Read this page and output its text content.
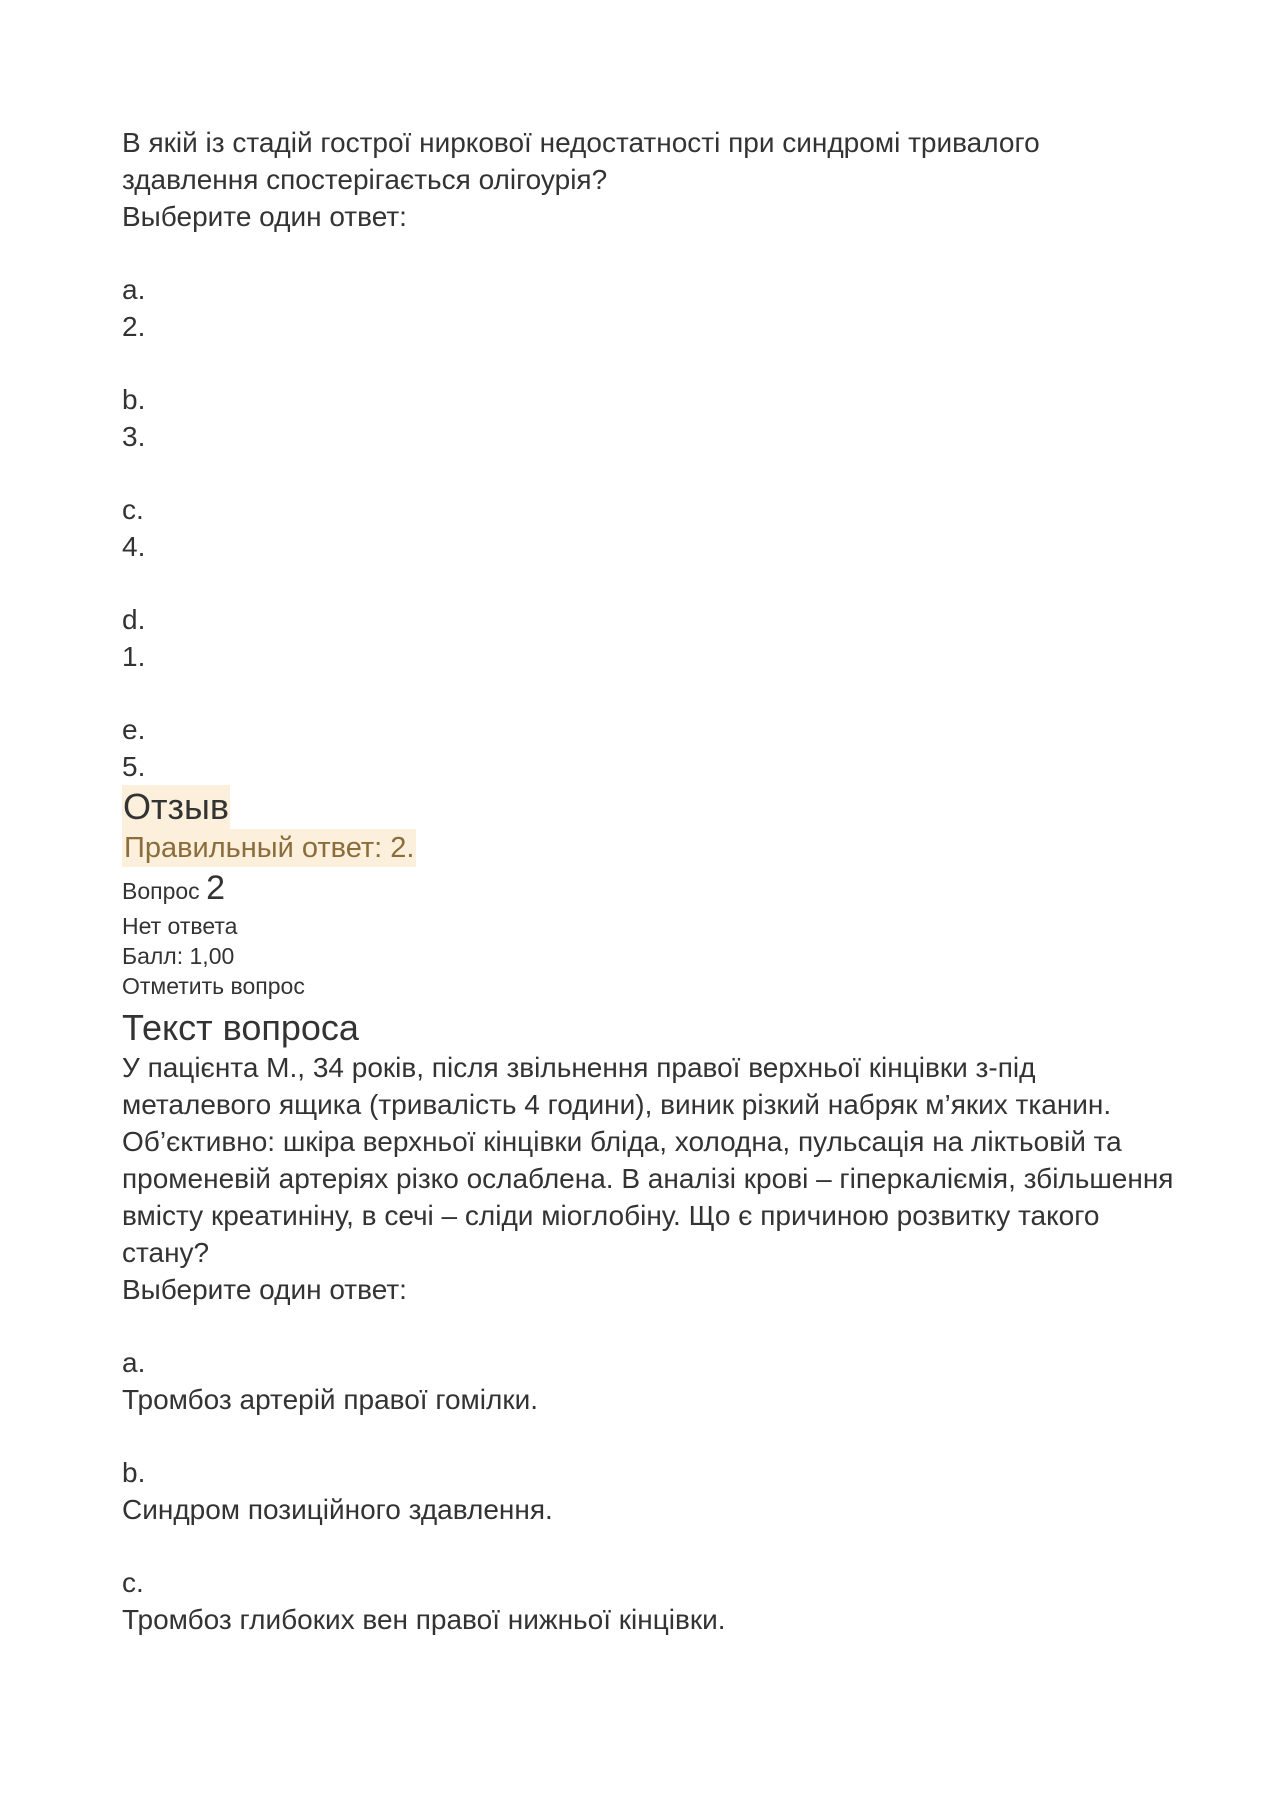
В якій із стадій гострої ниркової недостатності при синдромі тривалого здавлення спостерігається олігоурія?

Выберите один ответ:

a.
2.
b.
3.
c.
4.
d.
1.
e.
5.
Отзыв
Правильный ответ: 2.
Вопрос 2
Нет ответа
Балл: 1,00
Отметить вопрос
Текст вопроса

У пацієнта М., 34 років, після звільнення правої верхньої кінцівки з-під металевого ящика (тривалість 4 години), виник різкий набряк м’яких тканин. Об’єктивно: шкіра верхньої кінцівки бліда, холодна, пульсація на ліктьовій та променевій артеріях різко ослаблена. В аналізі крові – гіперкаліємія, збільшення вмісту креатиніну, в сечі – сліди міоглобіну. Що є причиною розвитку такого стану?

Выберите один ответ:

a.
Тромбоз артерій правої гомілки.
b.
Синдром позиційного здавлення.
c.
Тромбоз глибоких вен правої нижньої кінцівки.
